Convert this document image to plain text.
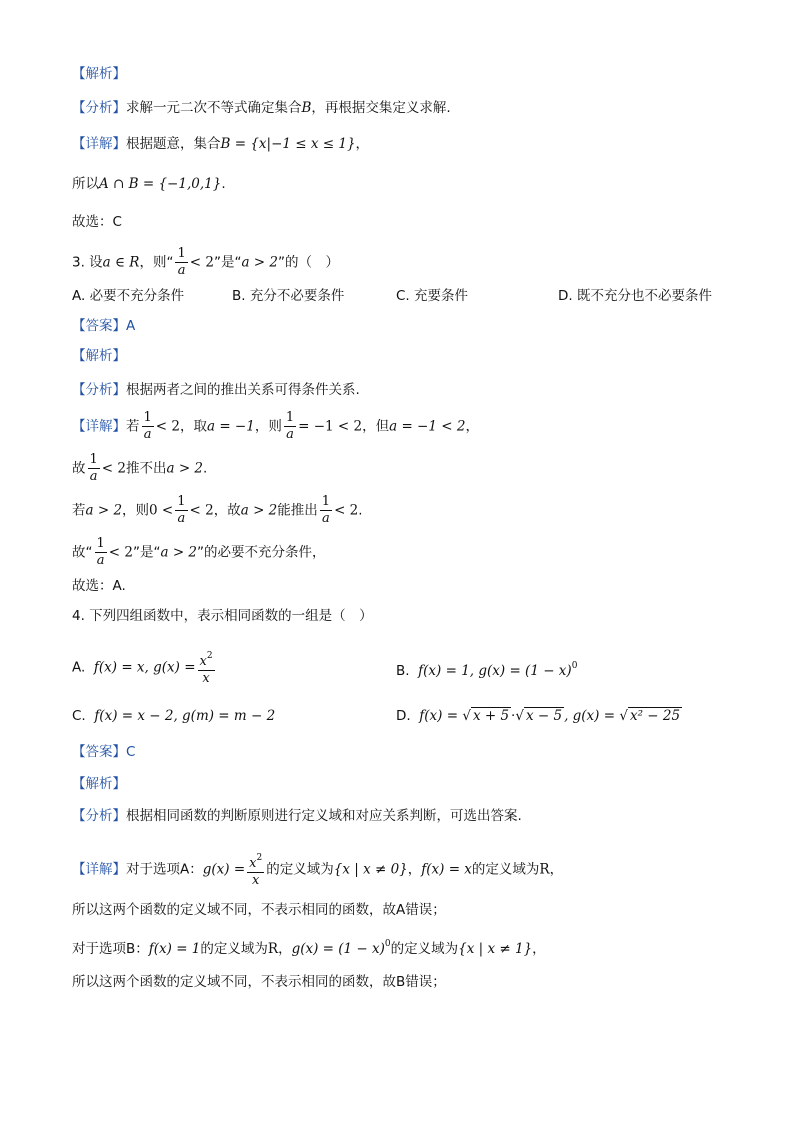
【解析】
【分析】求解一元二次不等式确定集合B，再根据交集定义求解.
【详解】根据题意，集合B = {x|−1 ≤ x ≤ 1}，
所以A ∩ B = {−1,0,1}.
故选：C
3. 设a ∈ R，则“ $\frac{1}{a} < 2$”是“a > 2”的（　）
A. 必要不充分条件	B. 充分不必要条件	C. 充要条件	D. 既不充分也不必要条件
【答案】A
【解析】
【分析】根据两者之间的推出关系可得条件关系.
【详解】若 $\frac{1}{a} < 2$，取a = −1，则 $\frac{1}{a} = -1 < 2$，但a = −1 < 2，
故 $\frac{1}{a} < 2$推不出a > 2.
若a > 2，则$0 < \frac{1}{a} < 2$，故a > 2能推出 $\frac{1}{a} < 2$.
故“ $\frac{1}{a} < 2$”是“a > 2”的必要不充分条件，
故选：A.
4. 下列四组函数中，表示相同函数的一组是（　）
A. f(x) = x, $g(x) = \frac{x^2}{x}$	B. f(x) = 1, $g(x) = (1 - x)^0$
C. f(x) = x − 2, g(m) = m − 2	D. f(x) = √ x + 5 ·√ x − 5 , g(x) = √ x² − 25
【答案】C
【解析】
【分析】根据相同函数的判断原则进行定义域和对应关系判断，可选出答案.
【详解】对于选项A：$g(x) = \frac{x^2}{x}$ 的定义域为{x | x ≠ 0}，f(x) = x的定义域为R，
所以这两个函数的定义域不同，不表示相同的函数，故A错误；
对于选项B：f(x) = 1的定义域为R，$g(x) = (1 - x)^0$的定义域为{x | x ≠ 1}，
所以这两个函数的定义域不同，不表示相同的函数，故B错误；
